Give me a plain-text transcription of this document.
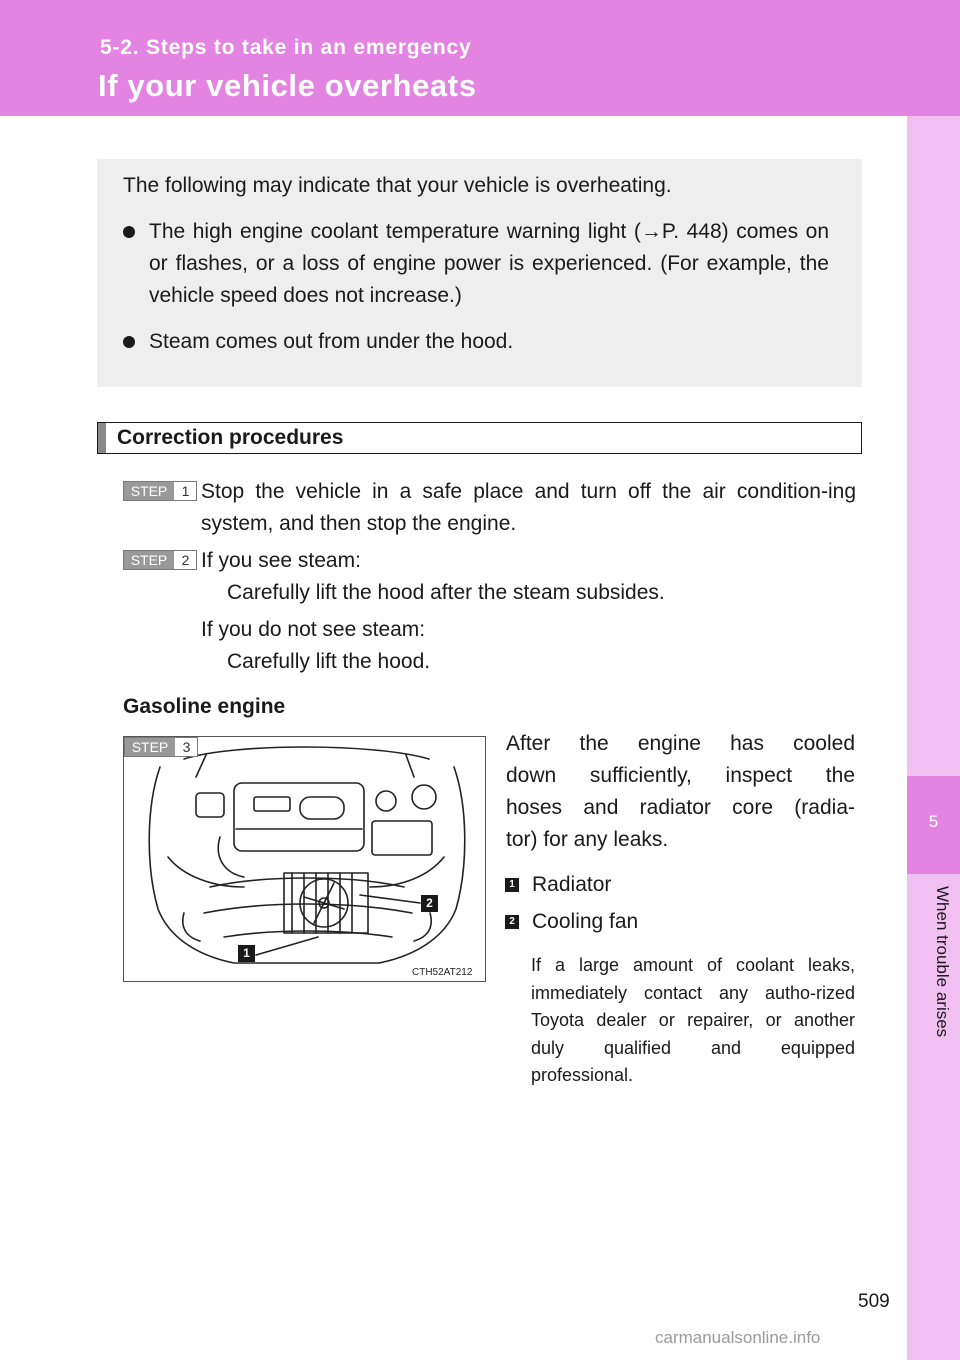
5-2. Steps to take in an emergency
If your vehicle overheats
5
When trouble arises
The following may indicate that your vehicle is overheating.
The high engine coolant temperature warning light (→P. 448) comes on or flashes, or a loss of engine power is experienced. (For example, the vehicle speed does not increase.)
Steam comes out from under the hood.
Correction procedures
STEP	1 Stop the vehicle in a safe place and turn off the air condition-ing system, and then stop the engine.
STEP	2 If you see steam:
Carefully lift the hood after the steam subsides.
If you do not see steam:
Carefully lift the hood.
Gasoline engine
STEP	3
1
2
CTH52AT212
After the engine has cooled
down sufficiently, inspect the
hoses and radiator core (radia-
tor) for any leaks.
1 Radiator
2 Cooling fan
If a large amount of coolant leaks, immediately contact any autho-rized Toyota dealer or repairer, or another duly qualified and equipped professional.
509
carmanualsonline.info
